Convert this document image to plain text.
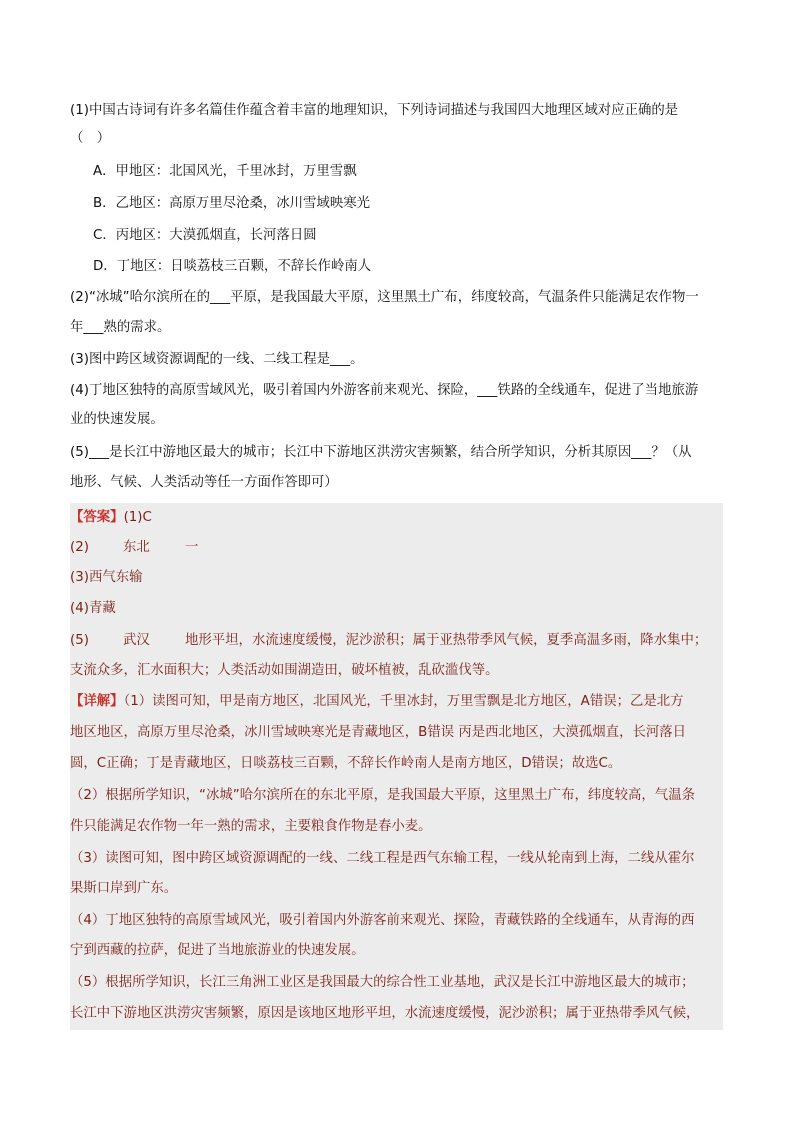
(1)中国古诗词有许多名篇佳作蕴含着丰富的地理知识，下列诗词描述与我国四大地理区域对应正确的是
（　）
A．甲地区：北国风光，千里冰封，万里雪飘
B．乙地区：高原万里尽沧桑，冰川雪域映寒光
C．丙地区：大漠孤烟直，长河落日圆
D．丁地区：日啖荔枝三百颗，不辞长作岭南人
(2)“冰城”哈尔滨所在的___平原，是我国最大平原，这里黑土广布，纬度较高，气温条件只能满足农作物一
年___熟的需求。
(3)图中跨区域资源调配的一线、二线工程是___。
(4)丁地区独特的高原雪域风光，吸引着国内外游客前来观光、探险，___铁路的全线通车，促进了当地旅游
业的快速发展。
(5)___是长江中游地区最大的城市；长江中下游地区洪涝灾害频繁，结合所学知识，分析其原因___？（从
地形、气候、人类活动等任一方面作答即可）
【答案】(1)C
(2)	东北	一
(3)西气东输
(4)青藏
(5)	武汉	地形平坦，水流速度缓慢，泥沙淤积；属于亚热带季风气候，夏季高温多雨，降水集中；
支流众多，汇水面积大；人类活动如围湖造田，破坏植被，乱砍滥伐等。
【详解】（1）读图可知，甲是南方地区，北国风光，千里冰封，万里雪飘是北方地区，A错误；乙是北方
地区地区，高原万里尽沧桑，冰川雪域映寒光是青藏地区，B错误 丙是西北地区，大漠孤烟直，长河落日
圆，C正确；丁是青藏地区，日啖荔枝三百颗，不辞长作岭南人是南方地区，D错误；故选C。
（2）根据所学知识，“冰城”哈尔滨所在的东北平原，是我国最大平原，这里黑土广布，纬度较高，气温条
件只能满足农作物一年一熟的需求，主要粮食作物是春小麦。
（3）读图可知，图中跨区域资源调配的一线、二线工程是西气东输工程，一线从轮南到上海，二线从霍尔
果斯口岸到广东。
（4）丁地区独特的高原雪域风光，吸引着国内外游客前来观光、探险，青藏铁路的全线通车，从青海的西
宁到西藏的拉萨，促进了当地旅游业的快速发展。
（5）根据所学知识，长江三角洲工业区是我国最大的综合性工业基地，武汉是长江中游地区最大的城市；
长江中下游地区洪涝灾害频繁，原因是该地区地形平坦，水流速度缓慢，泥沙淤积；属于亚热带季风气候，
